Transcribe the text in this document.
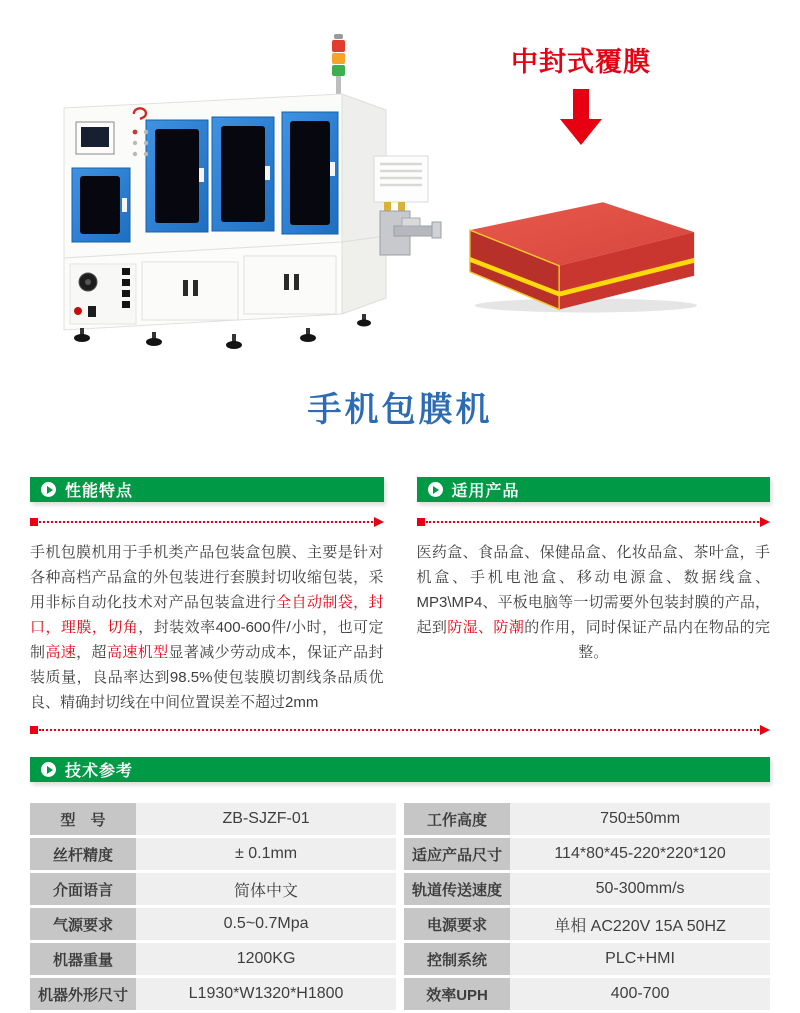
中封式覆膜
手机包膜机
性能特点

手机包膜机用于手机类产品包装盒包膜、主要是针对各种高档产品盒的外包装进行套膜封切收缩包装，采用非标自动化技术对产品包装盒进行全自动制袋，封口，理膜，切角，封装效率400-600件/小时，也可定制高速，超高速机型显著减少劳动成本，保证产品封装质量，良品率达到98.5%使包装膜切割线条品质优良、精确封切线在中间位置误差不超过2mm

适用产品

医药盒、食品盒、保健品盒、化妆品盒、茶叶盒，手机盒、手机电池盒、移动电源盒、数据线盒、MP3\MP4、平板电脑等一切需要外包装封膜的产品，起到防湿、防潮的作用，同时保证产品内在物品的完整。

技术参考
型　号	ZB-SJZF-01
丝杆精度	± 0.1mm
介面语言	简体中文
气源要求	0.5~0.7Mpa
机器重量	1200KG
机器外形尺寸	L1930*W1320*H1800
工作高度	750±50mm
适应产品尺寸	114*80*45-220*220*120
轨道传送速度	50-300mm/s
电源要求	单相 AC220V 15A 50HZ
控制系统	PLC+HMI
效率UPH	400-700
